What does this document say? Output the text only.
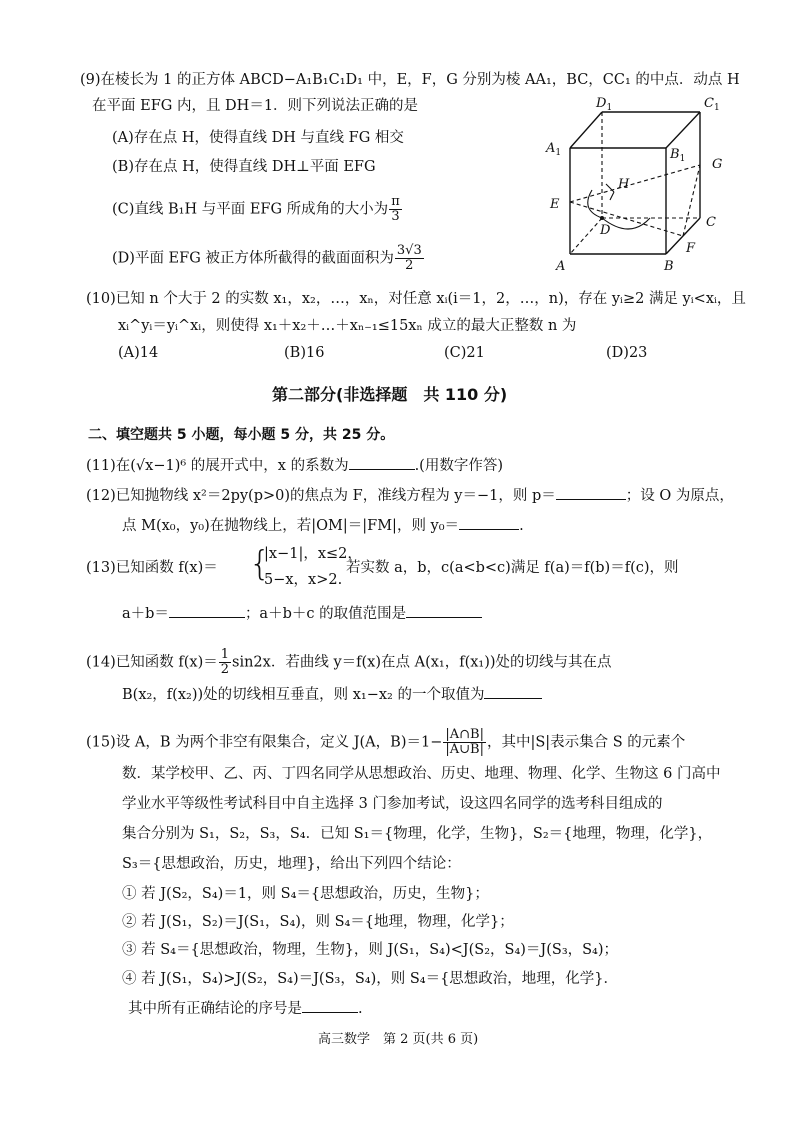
(9)在棱长为 1 的正方体 ABCD−A₁B₁C₁D₁ 中，E，F，G 分别为棱 AA₁，BC，CC₁ 的中点．动点 H
在平面 EFG 内，且 DH＝1．则下列说法正确的是
(A)存在点 H，使得直线 DH 与直线 FG 相交
(B)存在点 H，使得直线 DH⊥平面 EFG
(C)直线 B₁H 与平面 EFG 所成角的大小为 $\frac{\pi}{3}$
(D)平面 EFG 被正方体所截得的截面面积为 $\frac{3√3}{2}$
$D_1$	$C_1$
$A_1$	$B_1$ G
E
D
C
A	B
F
H
(10)已知 n 个大于 2 的实数 x₁，x₂，…，xₙ，对任意 xᵢ(i＝1，2，…，n)，存在 yᵢ≥2 满足 yᵢ<xᵢ，且
xᵢ^yᵢ＝yᵢ^xᵢ，则使得 x₁＋x₂＋…＋xₙ₋₁≤15xₙ 成立的最大正整数 n 为
(A)14	(B)16	(C)21	(D)23
第二部分(非选择题　共 110 分)
二、填空题共 5 小题，每小题 5 分，共 25 分。
(11)在(√x−1)⁶ 的展开式中，x 的系数为	.(用数字作答)
(12)已知抛物线 x²＝2py(p>0)的焦点为 F，准线方程为 y＝−1，则 p＝	；设 O 为原点，
点 M(x₀，y₀)在抛物线上，若|OM|＝|FM|，则 y₀＝	.
(13)已知函数 f(x)＝ {
|x−1|，x≤2，
5−x，x>2.
若实数 a，b，c(a<b<c)满足 f(a)＝f(b)＝f(c)，则
a＋b＝	；a＋b＋c 的取值范围是
(14)已知函数 $f(x)= \frac{1}{2} \sin 2x$．若曲线 y＝f(x)在点 A(x₁，f(x₁))处的切线与其在点
B(x₂，f(x₂))处的切线相互垂直，则 x₁−x₂ 的一个取值为
(15)设 A，B 为两个非空有限集合，定义 J(A，$B)=1- \frac{|A\cap B|}{|A\cup B|}$ ，其中|S|表示集合 S 的元素个
数．某学校甲、乙、丙、丁四名同学从思想政治、历史、地理、物理、化学、生物这 6 门高中
学业水平等级性考试科目中自主选择 3 门参加考试，设这四名同学的选考科目组成的
集合分别为 S₁，S₂，S₃，S₄．已知 S₁＝{物理，化学，生物}，S₂＝{地理，物理，化学}，
S₃＝{思想政治，历史，地理}，给出下列四个结论：
① 若 J(S₂，S₄)＝1，则 S₄＝{思想政治，历史，生物}；
② 若 J(S₁，S₂)＝J(S₁，S₄)，则 S₄＝{地理，物理，化学}；
③ 若 S₄＝{思想政治，物理，生物}，则 J(S₁，S₄)<J(S₂，S₄)＝J(S₃，S₄)；
④ 若 J(S₁，S₄)>J(S₂，S₄)＝J(S₃，S₄)，则 S₄＝{思想政治，地理，化学}．
其中所有正确结论的序号是	.
高三数学　第 2 页(共 6 页)
